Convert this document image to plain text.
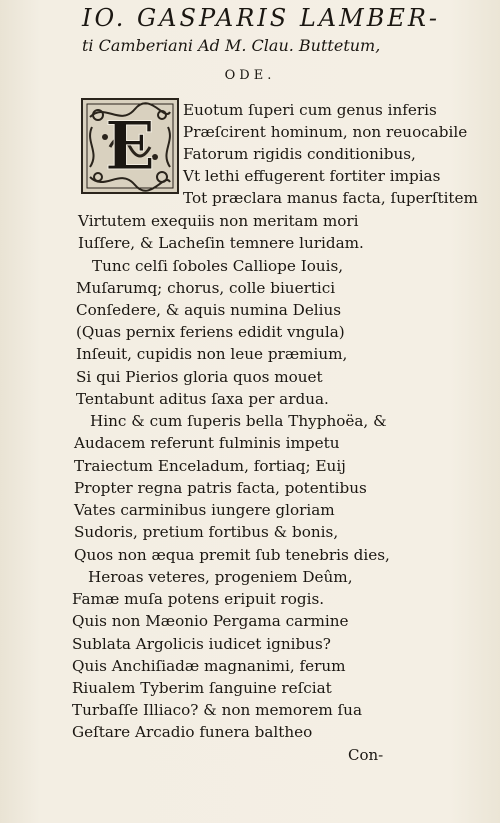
IO. GASPARIS LAMBER-
ti Camberiani Ad M. Clau. Buttetum,
ODE.
E Euotum ſuperi cum genus inferis
Præſcirent hominum, non reuocabile
Fatorum rigidis conditionibus,
Vt lethi effugerent fortiter impias
Tot præclara manus facta, ſuperſtitem
Virtutem exequiis non meritam mori
Iuſſere, & Lacheſin temnere luridam.
Tunc celſi ſoboles Calliope Iouis,
Muſarumq; chorus, colle biuertici
Conſedere, & aquis numina Delius
(Quas pernix feriens edidit vngula)
Inſeuit, cupidis non leue præmium,
Si qui Pierios gloria quos mouet
Tentabunt aditus ſaxa per ardua.
Hinc & cum ſuperis bella Thyphoëa, &
Audacem referunt fulminis impetu
Traiectum Enceladum, fortiaq; Euij
Propter regna patris facta, potentibus
Vates carminibus iungere gloriam
Sudoris, pretium fortibus & bonis,
Quos non æqua premit ſub tenebris dies,
Heroas veteres, progeniem Deûm,
Famæ muſa potens eripuit rogis.
Quis non Mæonio Pergama carmine
Sublata Argolicis iudicet ignibus?
Quis Anchiſiadæ magnanimi, ferum
Riualem Tyberim ſanguine reſciat
Turbaſſe Illiaco? & non memorem ſua
Geſtare Arcadio funera baltheo
Con-
